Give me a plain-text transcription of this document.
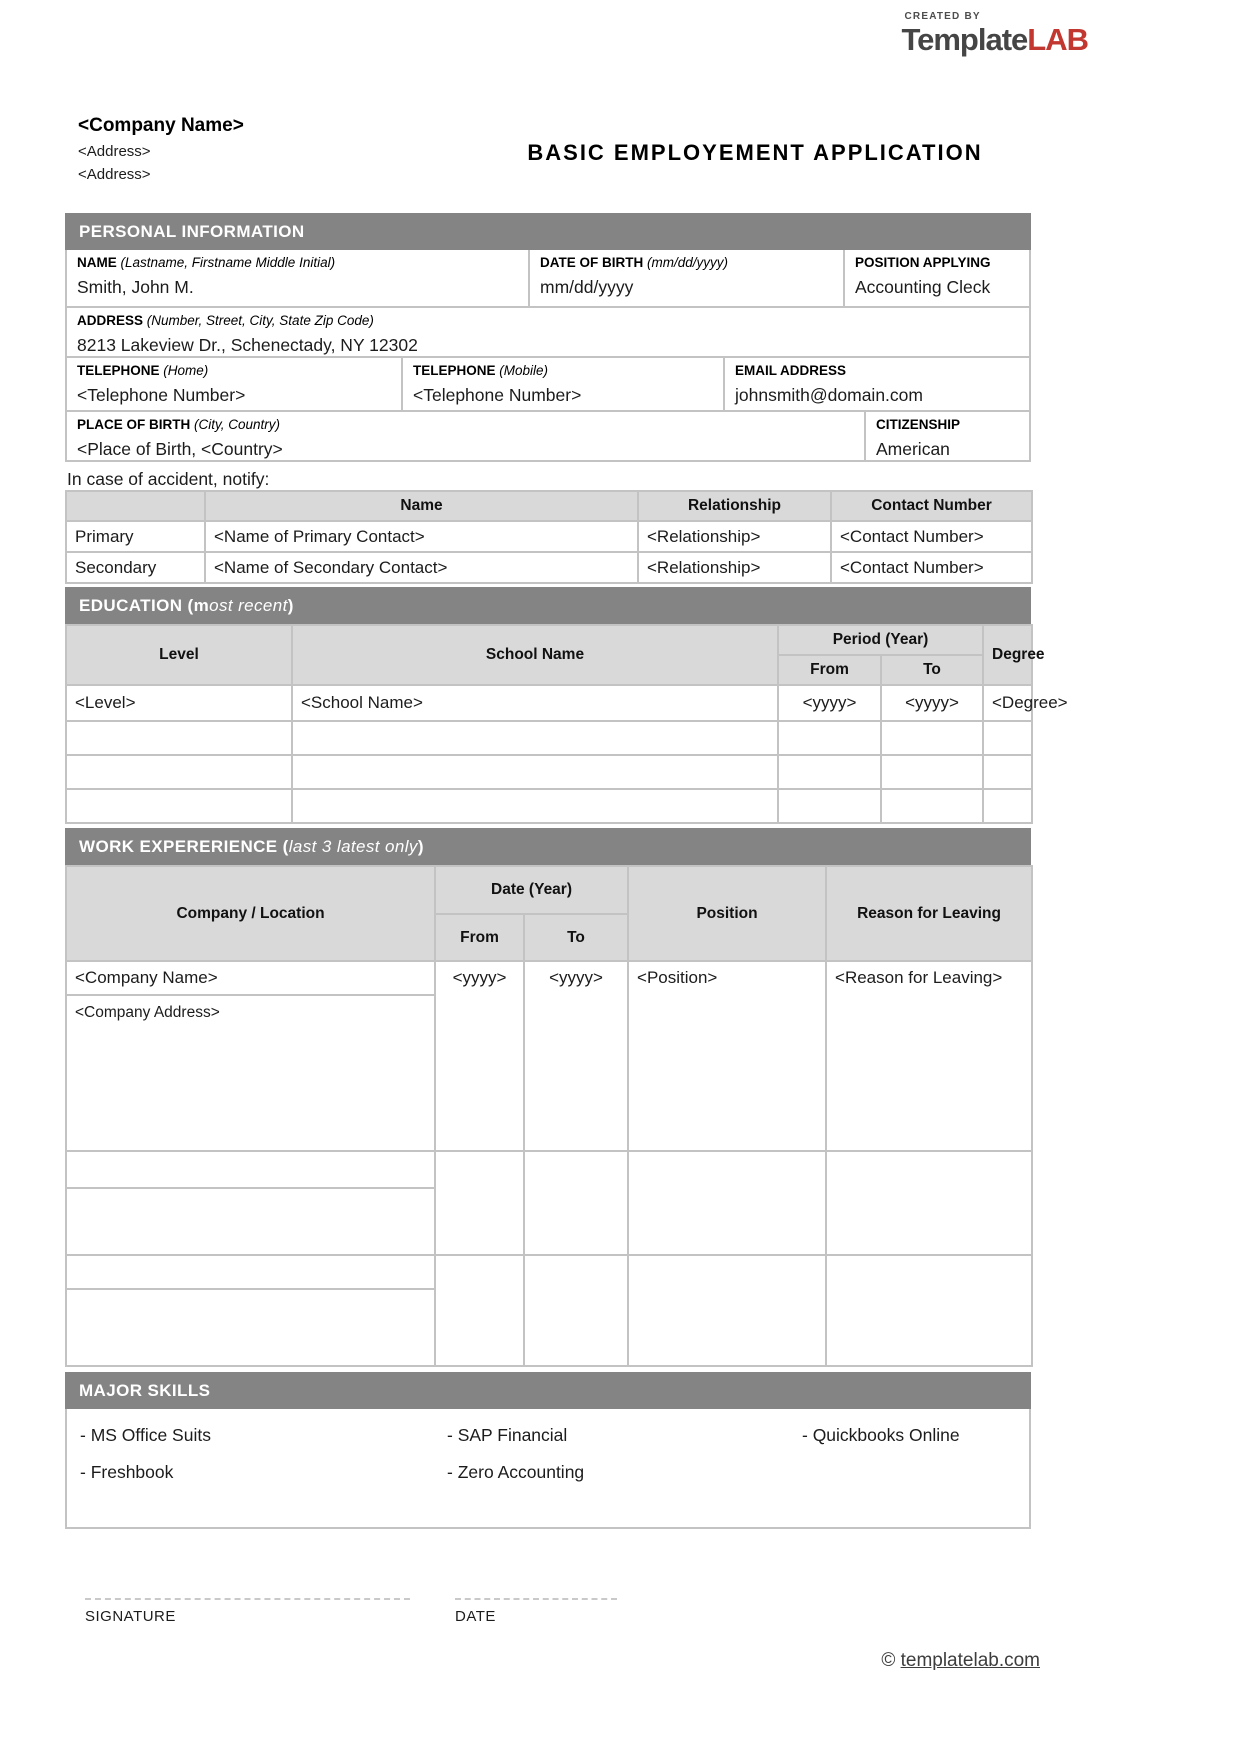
CREATED BY
TemplateLAB
<Company Name>
<Address>
<Address>
BASIC EMPLOYEMENT APPLICATION
PERSONAL INFORMATION
NAME (Lastname, Firstname Middle Initial)
Smith, John M.
DATE OF BIRTH (mm/dd/yyyy)
mm/dd/yyyy
POSITION APPLYING
Accounting Cleck
ADDRESS (Number, Street, City, State Zip Code)
8213 Lakeview Dr., Schenectady, NY 12302
TELEPHONE (Home)
<Telephone Number>
TELEPHONE (Mobile)
<Telephone Number>
EMAIL ADDRESS
johnsmith@domain.com
PLACE OF BIRTH (City, Country)
<Place of Birth, <Country>
CITIZENSHIP
American
In case of accident, notify:
	Name	Relationship	Contact Number
Primary	<Name of Primary Contact>	<Relationship>	<Contact Number>
Secondary	<Name of Secondary Contact>	<Relationship>	<Contact Number>
EDUCATION (most recent)
Level	School Name	Period (Year)		Degree
		From	To	
<Level>	<School Name>	<yyyy>	<yyyy>	<Degree>

WORK EXPERERIENCE (last 3 latest only)
Company / Location	Date (Year)		Position	Reason for Leaving
	From	To		
<Company Name>	<yyyy>	<yyyy>	<Position>	<Reason for Leaving>
<Company Address>				

MAJOR SKILLS
- MS Office Suits	- SAP Financial	- Quickbooks Online
- Freshbook	- Zero Accounting
SIGNATURE	DATE
© templatelab.com
